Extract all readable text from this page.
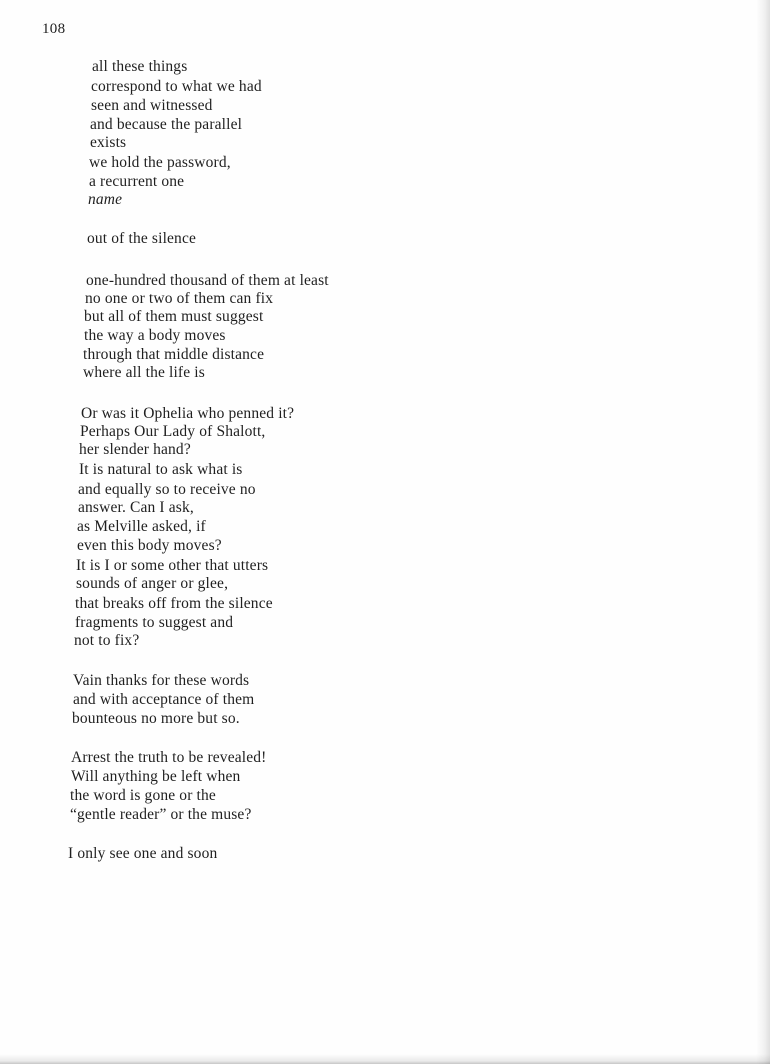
108
all these things
correspond to what we had
seen and witnessed
and because the parallel
exists
we hold the password,
a recurrent one
name
out of the silence
one-hundred thousand of them at least
no one or two of them can fix
but all of them must suggest
the way a body moves
through that middle distance
where all the life is
Or was it Ophelia who penned it?
Perhaps Our Lady of Shalott,
her slender hand?
It is natural to ask what is
and equally so to receive no
answer. Can I ask,
as Melville asked, if
even this body moves?
It is I or some other that utters
sounds of anger or glee,
that breaks off from the silence
fragments to suggest and
not to fix?
Vain thanks for these words
and with acceptance of them
bounteous no more but so.
Arrest the truth to be revealed!
Will anything be left when
the word is gone or the
“gentle reader” or the muse?
I only see one and soon
